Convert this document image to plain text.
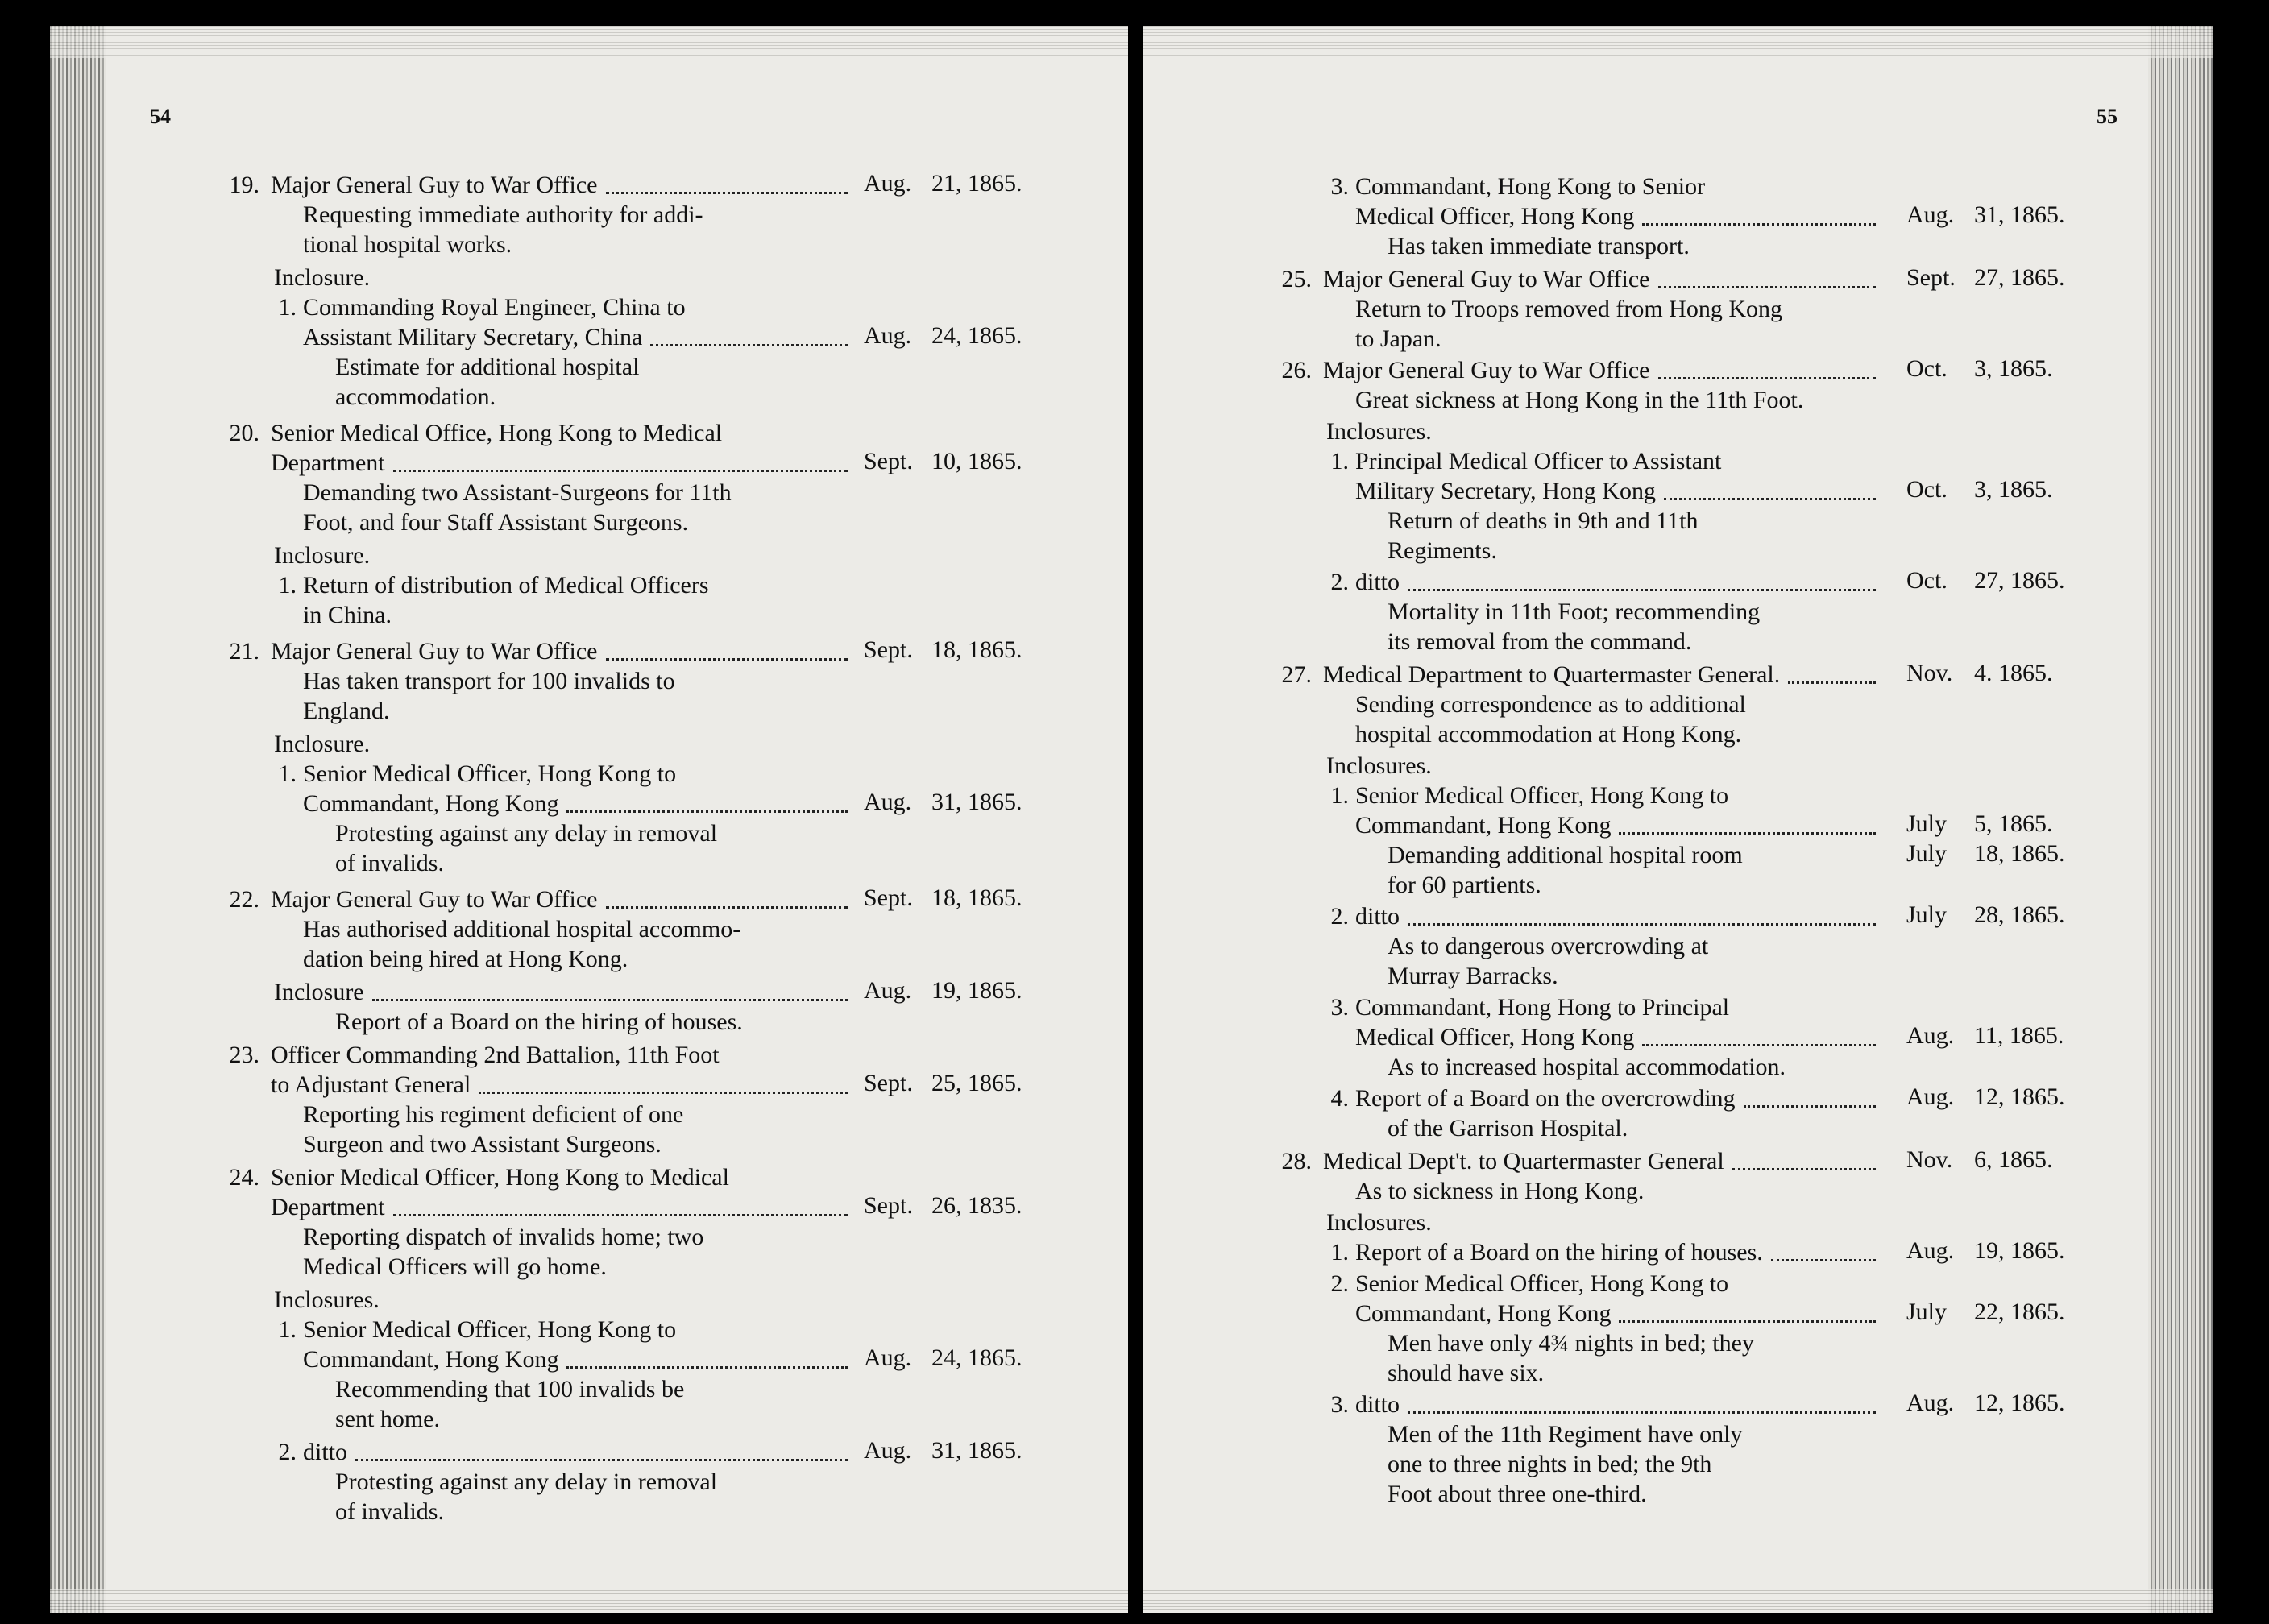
54
19. Major General Guy to War Office
Requesting immediate authority for addi-
tional hospital works.
Aug. 21, 1865.
Inclosure.
1. Commanding Royal Engineer, China to
Assistant Military Secretary, China
Estimate for additional hospital
accommodation.
Aug. 24, 1865.
20. Senior Medical Office, Hong Kong to Medical
Department
Demanding two Assistant-Surgeons for 11th
Foot, and four Staff Assistant Surgeons.
Sept. 10, 1865.
Inclosure.
1. Return of distribution of Medical Officers
in China.
21. Major General Guy to War Office
Has taken transport for 100 invalids to
England.
Sept. 18, 1865.
Inclosure.
1. Senior Medical Officer, Hong Kong to
Commandant, Hong Kong
Protesting against any delay in removal
of invalids.
Aug. 31, 1865.
22. Major General Guy to War Office
Has authorised additional hospital accommo-
dation being hired at Hong Kong.
Sept. 18, 1865.
Inclosure	Aug. 19, 1865.
Report of a Board on the hiring of houses.
23. Officer Commanding 2nd Battalion, 11th Foot
to Adjustant General
Reporting his regiment deficient of one
Surgeon and two Assistant Surgeons.
Sept. 25, 1865.
24. Senior Medical Officer, Hong Kong to Medical
Department
Reporting dispatch of invalids home; two
Medical Officers will go home.
Sept. 26, 1835.
Inclosures.
1. Senior Medical Officer, Hong Kong to
Commandant, Hong Kong
Recommending that 100 invalids be
sent home.
Aug. 24, 1865.
2. ditto
Protesting against any delay in removal
of invalids.
Aug. 31, 1865.
55
3. Commandant, Hong Kong to Senior
Medical Officer, Hong Kong
Has taken immediate transport.
Aug. 31, 1865.
25. Major General Guy to War Office
Return to Troops removed from Hong Kong
to Japan.
Sept. 27, 1865.
26. Major General Guy to War Office
Great sickness at Hong Kong in the 11th Foot.
Oct. 3, 1865.
Inclosures.
1. Principal Medical Officer to Assistant
Military Secretary, Hong Kong
Return of deaths in 9th and 11th
Regiments.
Oct. 3, 1865.
2. ditto
Mortality in 11th Foot; recommending
its removal from the command.
Oct. 27, 1865.
27. Medical Department to Quartermaster General.
Sending correspondence as to additional
hospital accommodation at Hong Kong.
Nov. 4. 1865.
Inclosures.
1. Senior Medical Officer, Hong Kong to
Commandant, Hong Kong
Demanding additional hospital room
for 60 partients.
July 5, 1865.
July 18, 1865.
2. ditto
As to dangerous overcrowding at
Murray Barracks.
July 28, 1865.
3. Commandant, Hong Hong to Principal
Medical Officer, Hong Kong
As to increased hospital accommodation.
Aug. 11, 1865.
4. Report of a Board on the overcrowding
of the Garrison Hospital.
Aug. 12, 1865.
28. Medical Dept't. to Quartermaster General
As to sickness in Hong Kong.
Nov. 6, 1865.
Inclosures.
1. Report of a Board on the hiring of houses.	Aug. 19, 1865.
2. Senior Medical Officer, Hong Kong to
Commandant, Hong Kong
Men have only 4¾ nights in bed; they
should have six.
July 22, 1865.
3. ditto
Men of the 11th Regiment have only
one to three nights in bed; the 9th
Foot about three one-third.
Aug. 12, 1865.
